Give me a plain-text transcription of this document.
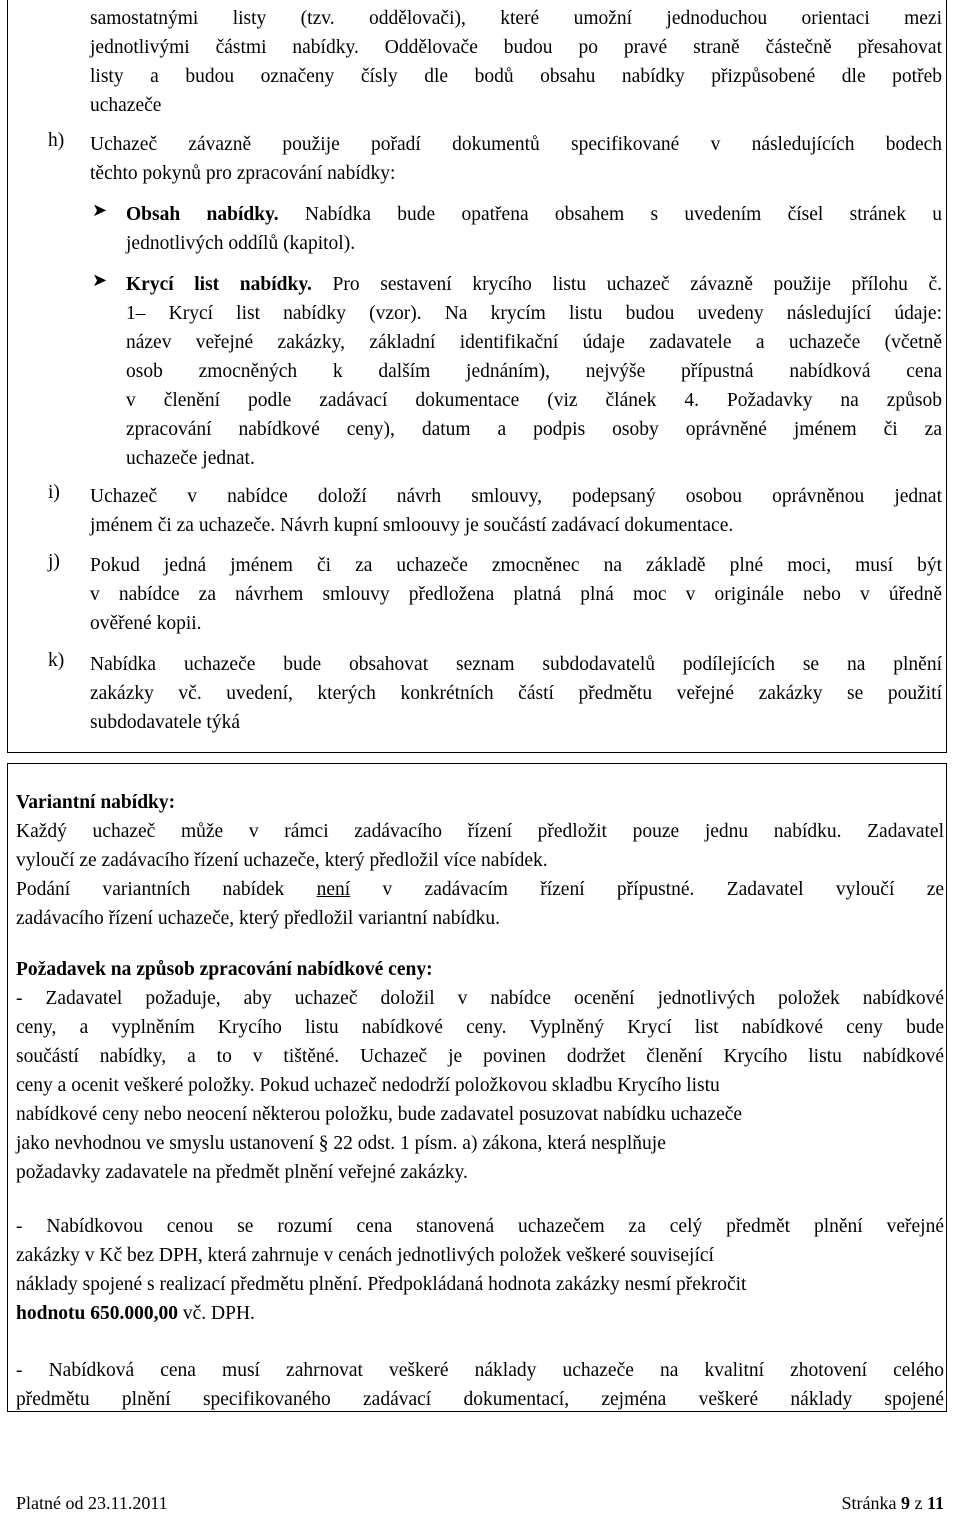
samostatnými listy (tzv. oddělovači), které umožní jednoduchou orientaci mezi

jednotlivými částmi nabídky. Oddělovače budou po pravé straně částečně přesahovat

listy a budou označeny čísly dle bodů obsahu nabídky přizpůsobené dle potřeb

uchazeče

h)	Uchazeč závazně použije pořadí dokumentů specifikované v následujících bodech

těchto pokynů pro zpracování nabídky:

➤ Obsah nabídky. Nabídka bude opatřena obsahem s uvedením čísel stránek u

jednotlivých oddílů (kapitol).

➤ Krycí list nabídky. Pro sestavení krycího listu uchazeč závazně použije přílohu č.

1– Krycí list nabídky (vzor). Na krycím listu budou uvedeny následující údaje:

název veřejné zakázky, základní identifikační údaje zadavatele a uchazeče (včetně

osob zmocněných k dalším jednáním), nejvýše přípustná nabídková cena

v členění podle zadávací dokumentace (viz článek 4. Požadavky na způsob

zpracování nabídkové ceny), datum a podpis osoby oprávněné jménem či za

uchazeče jednat.

i)	Uchazeč v nabídce doloží návrh smlouvy, podepsaný osobou oprávněnou jednat

jménem či za uchazeče. Návrh kupní smloouvy je součástí zadávací dokumentace.

j)	Pokud jedná jménem či za uchazeče zmocněnec na základě plné moci, musí být

v nabídce za návrhem smlouvy předložena platná plná moc v originále nebo v úředně

ověřené kopii.

k)	Nabídka uchazeče bude obsahovat seznam subdodavatelů podílejících se na plnění

zakázky vč. uvedení, kterých konkrétních částí předmětu veřejné zakázky se použití

subdodavatele týká

Variantní nabídky:

Každý uchazeč může v rámci zadávacího řízení předložit pouze jednu nabídku. Zadavatel

vyloučí ze zadávacího řízení uchazeče, který předložil více nabídek.

Podání variantních nabídek není v zadávacím řízení přípustné. Zadavatel vyloučí ze

zadávacího řízení uchazeče, který předložil variantní nabídku.

Požadavek na způsob zpracování nabídkové ceny:

- Zadavatel požaduje, aby uchazeč doložil v nabídce ocenění jednotlivých položek nabídkové

ceny, a vyplněním Krycího listu nabídkové ceny. Vyplněný Krycí list nabídkové ceny bude

součástí nabídky, a to v tištěné. Uchazeč je povinen dodržet členění Krycího listu nabídkové

ceny a ocenit veškeré položky. Pokud uchazeč nedodrží položkovou skladbu Krycího listu

nabídkové ceny nebo neocení některou položku, bude zadavatel posuzovat nabídku uchazeče

jako nevhodnou ve smyslu ustanovení § 22 odst. 1 písm. a) zákona, která nesplňuje

požadavky zadavatele na předmět plnění veřejné zakázky.

- Nabídkovou cenou se rozumí cena stanovená uchazečem za celý předmět plnění veřejné

zakázky v Kč bez DPH, která zahrnuje v cenách jednotlivých položek veškeré související

náklady spojené s realizací předmětu plnění. Předpokládaná hodnota zakázky nesmí překročit

hodnotu 650.000,00 vč. DPH.

- Nabídková cena musí zahrnovat veškeré náklady uchazeče na kvalitní zhotovení celého

předmětu plnění specifikovaného zadávací dokumentací, zejména veškeré náklady spojené

Platné od 23.11.2011	Stránka 9 z 11
